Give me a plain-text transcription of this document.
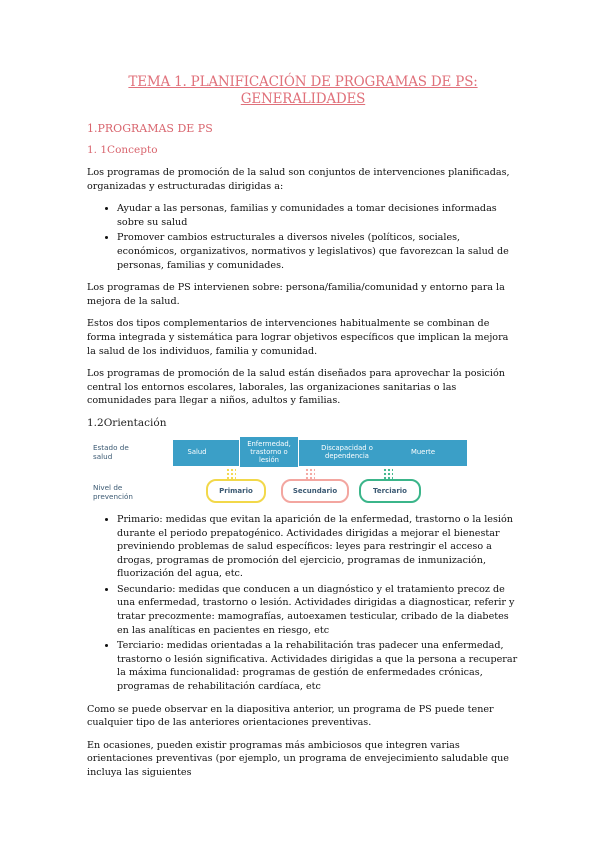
TEMA 1. PLANIFICACIÓN DE PROGRAMAS DE PS:
GENERALIDADES
1.PROGRAMAS DE PS
1. 1Concepto

Los programas de promoción de la salud son conjuntos de intervenciones planificadas, organizadas y estructuradas dirigidas a:

• Ayudar a las personas, familias y comunidades a tomar decisiones informadas sobre su salud
• Promover cambios estructurales a diversos niveles (políticos, sociales, económicos, organizativos, normativos y legislativos) que favorezcan la salud de personas, familias y comunidades.

Los programas de PS intervienen sobre: persona/familia/comunidad y entorno para la mejora de la salud.

Estos dos tipos complementarios de intervenciones habitualmente se combinan de forma integrada y sistemática para lograr objetivos específicos que implican la mejora la salud de los individuos, familia y comunidad.

Los programas de promoción de la salud están diseñados para aprovechar la posición central los entornos escolares, laborales, las organizaciones sanitarias o las comunidades para llegar a niños, adultos y familias.

1.2Orientación
Estado de salud
Nivel de prevención
Salud
Enfermedad, trastorno o lesión
Discapacidad o dependencia	Muerte
Primario	Secundario	Terciario
• Primario: medidas que evitan la aparición de la enfermedad, trastorno o la lesión durante el periodo prepatogénico. Actividades dirigidas a mejorar el bienestar previniendo problemas de salud específicos: leyes para restringir el acceso a drogas, programas de promoción del ejercicio, programas de inmunización, fluorización del agua, etc.
• Secundario: medidas que conducen a un diagnóstico y el tratamiento precoz de una enfermedad, trastorno o lesión. Actividades dirigidas a diagnosticar, referir y tratar precozmente: mamografías, autoexamen testicular, cribado de la diabetes en las analíticas en pacientes en riesgo, etc
• Terciario: medidas orientadas a la rehabilitación tras padecer una enfermedad, trastorno o lesión significativa. Actividades dirigidas a que la persona a recuperar la máxima funcionalidad: programas de gestión de enfermedades crónicas, programas de rehabilitación cardíaca, etc

Como se puede observar en la diapositiva anterior, un programa de PS puede tener cualquier tipo de las anteriores orientaciones preventivas.

En ocasiones, pueden existir programas más ambiciosos que integren varias orientaciones preventivas (por ejemplo, un programa de envejecimiento saludable que incluya las siguientes
